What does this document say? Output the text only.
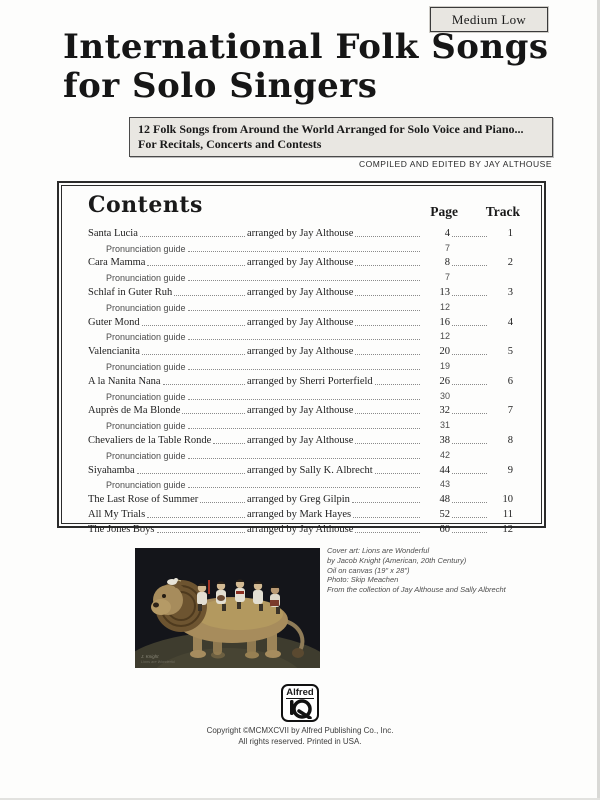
Medium Low
International Folk Songs
for Solo Singers
12 Folk Songs from Around the World Arranged for Solo Voice and Piano...
For Recitals, Concerts and Contests
COMPILED AND EDITED BY JAY ALTHOUSE
Contents	Page Track
Santa Lucia	arranged by Jay Althouse	4	1
Pronunciation guide	7
Cara Mamma	arranged by Jay Althouse	8	2
Pronunciation guide	7
Schlaf in Guter Ruh	arranged by Jay Althouse	13	3
Pronunciation guide	12
Guter Mond	arranged by Jay Althouse	16	4
Pronunciation guide	12
Valencianita	arranged by Jay Althouse	20	5
Pronunciation guide	19
A la Nanita Nana	arranged by Sherri Porterfield	26	6
Pronunciation guide	30
Auprès de Ma Blonde	arranged by Jay Althouse	32	7
Pronunciation guide	31
Chevaliers de la Table Ronde	arranged by Jay Althouse	38	8
Pronunciation guide	42
Siyahamba	arranged by Sally K. Albrecht	44	9
Pronunciation guide	43
The Last Rose of Summer	arranged by Greg Gilpin	48	10
All My Trials	arranged by Mark Hayes	52	11
The Jones Boys	arranged by Jay Althouse	60	12
J. Knight
Lions are Wonderful
Cover art: Lions are Wonderful
by Jacob Knight (American, 20th Century)
Oil on canvas (19" x 28")
Photo: Skip Meachen
From the collection of Jay Althouse and Sally Albrecht
Alfred
Copyright ©MCMXCVII by Alfred Publishing Co., Inc.
All rights reserved. Printed in USA.
